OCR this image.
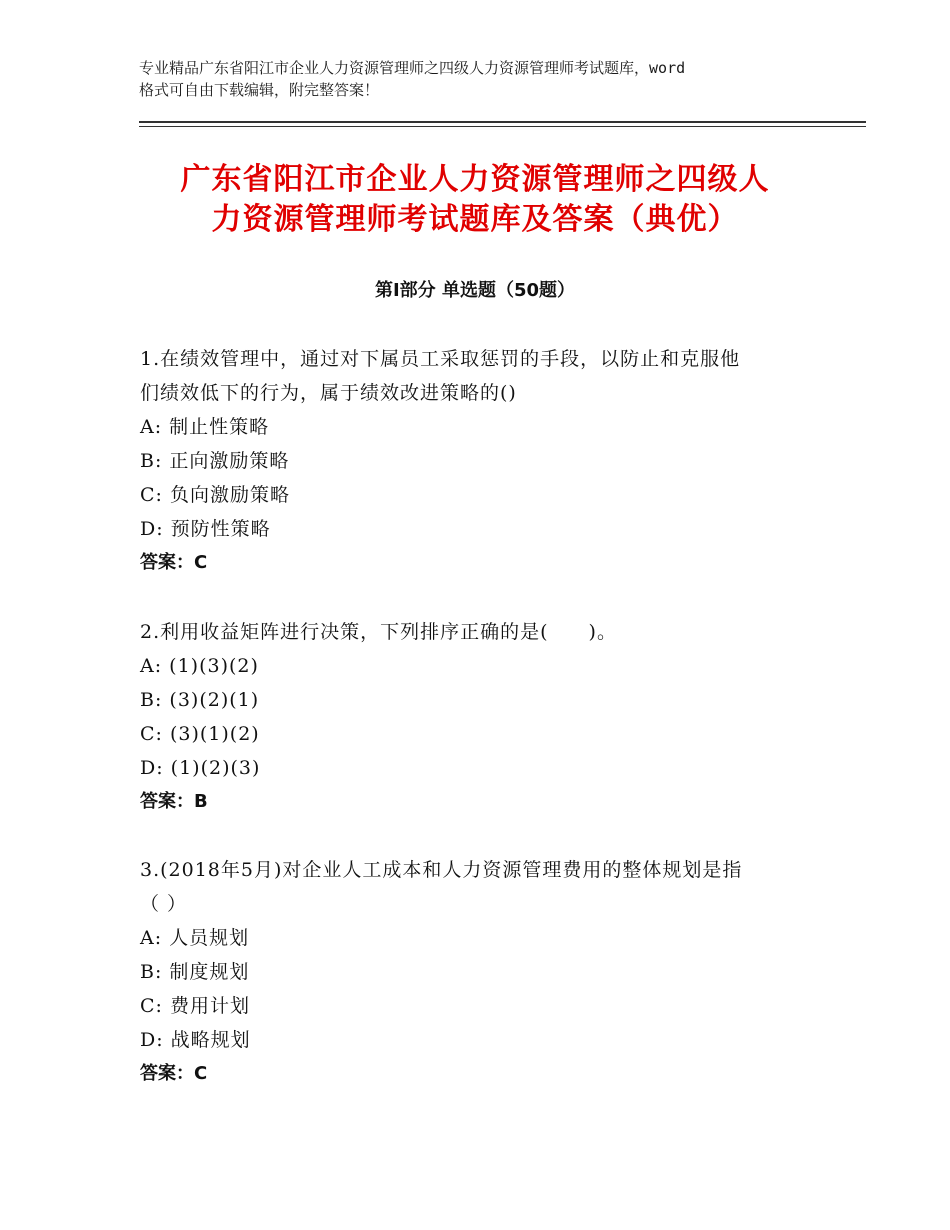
专业精品广东省阳江市企业人力资源管理师之四级人力资源管理师考试题库，word
格式可自由下载编辑，附完整答案！
广东省阳江市企业人力资源管理师之四级人
力资源管理师考试题库及答案（典优）
第Ⅰ部分 单选题（50题）
1.在绩效管理中，通过对下属员工采取惩罚的手段，以防止和克服他
们绩效低下的行为，属于绩效改进策略的()
A: 制止性策略
B: 正向激励策略
C: 负向激励策略
D: 预防性策略
答案：C
2.利用收益矩阵进行决策，下列排序正确的是(　　)。
A: (1)(3)(2)
B: (3)(2)(1)
C: (3)(1)(2)
D: (1)(2)(3)
答案：B
3.(2018年5月)对企业人工成本和人力资源管理费用的整体规划是指
（ ）
A: 人员规划
B: 制度规划
C: 费用计划
D: 战略规划
答案：C
